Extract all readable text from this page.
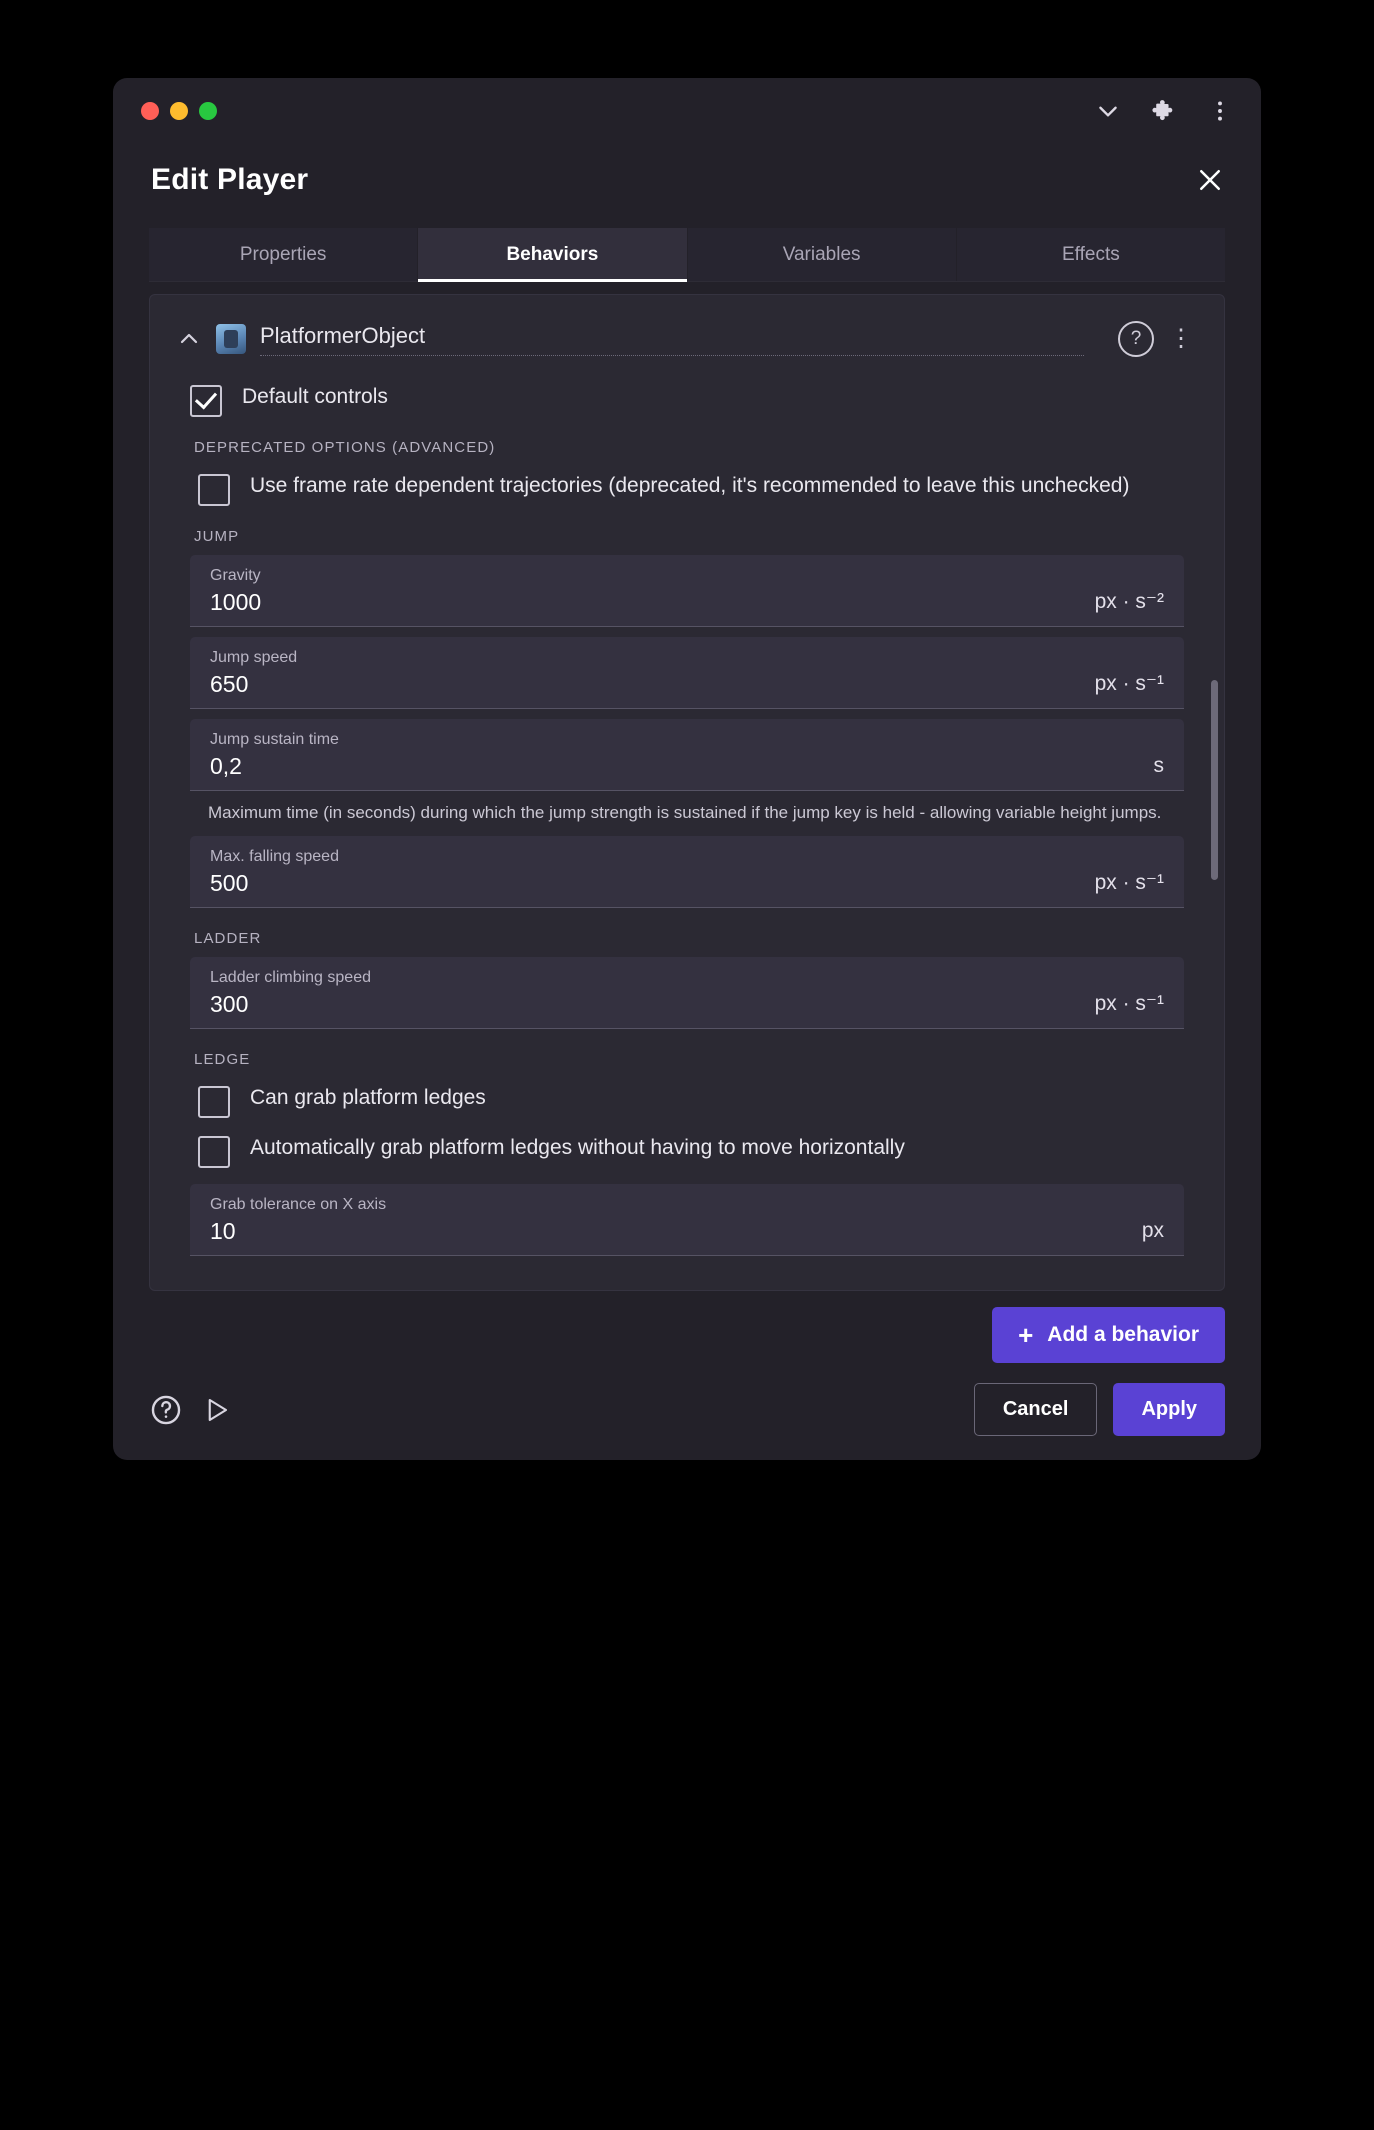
Edit Player
Properties	Behaviors	Variables	Effects
PlatformerObject	?	⋮
Default controls
DEPRECATED OPTIONS (ADVANCED)
Use frame rate dependent trajectories (deprecated, it's recommended to leave this unchecked)
JUMP
Gravity
1000	px · s⁻²
Jump speed
650	px · s⁻¹
Jump sustain time
0,2	s
Maximum time (in seconds) during which the jump strength is sustained if the jump key is held - allowing variable height jumps.
Max. falling speed
500	px · s⁻¹
LADDER
Ladder climbing speed
300	px · s⁻¹
LEDGE
Can grab platform ledges
Automatically grab platform ledges without having to move horizontally
Grab tolerance on X axis
10	px
+ Add a behavior
Cancel	Apply
